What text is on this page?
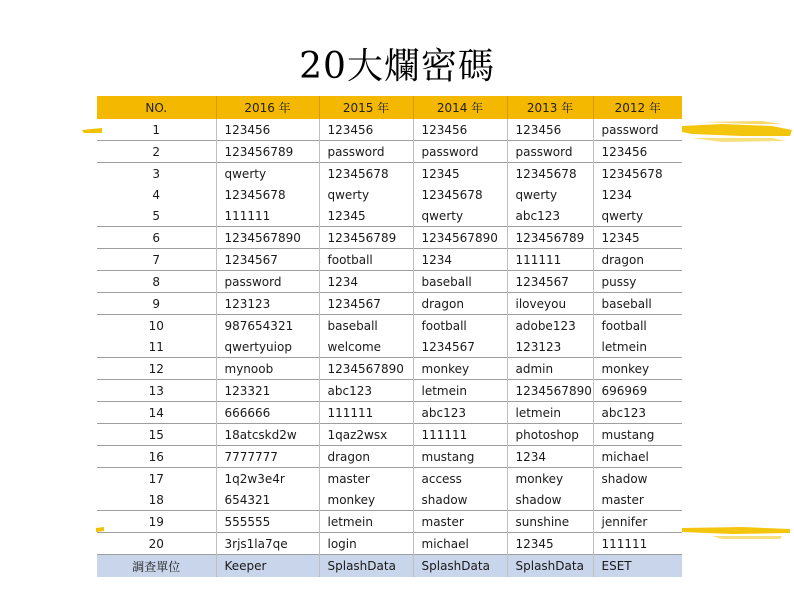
20大爛密碼
NO.	2016 年	2015 年	2014 年	2013 年	2012 年
1	123456	123456	123456	123456	password
2	123456789	password	password	password	123456
3	qwerty	12345678	12345	12345678	12345678
4	12345678	qwerty	12345678	qwerty	1234
5	111111	12345	qwerty	abc123	qwerty
6	1234567890	123456789	1234567890	123456789	12345
7	1234567	football	1234	111111	dragon
8	password	1234	baseball	1234567	pussy
9	123123	1234567	dragon	iloveyou	baseball
10	987654321	baseball	football	adobe123	football
11	qwertyuiop	welcome	1234567	123123	letmein
12	mynoob	1234567890	monkey	admin	monkey
13	123321	abc123	letmein	1234567890	696969
14	666666	111111	abc123	letmein	abc123
15	18atcskd2w	1qaz2wsx	111111	photoshop	mustang
16	7777777	dragon	mustang	1234	michael
17	1q2w3e4r	master	access	monkey	shadow
18	654321	monkey	shadow	shadow	master
19	555555	letmein	master	sunshine	jennifer
20	3rjs1la7qe	login	michael	12345	111111
調查單位	Keeper	SplashData	SplashData	SplashData	ESET
